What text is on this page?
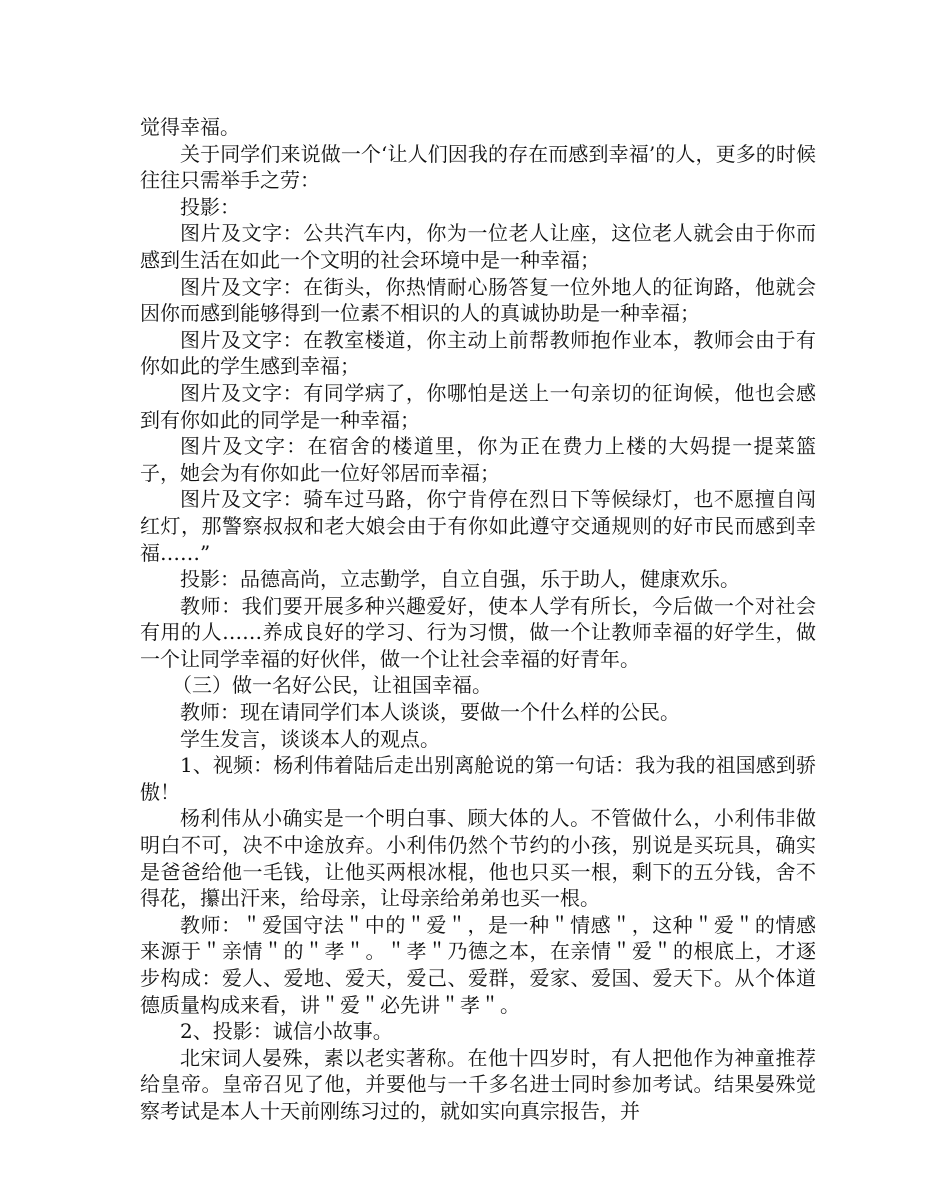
觉得幸福。

关于同学们来说做一个‘让人们因我的存在而感到幸福’的人，更多的时候往往只需举手之劳：

投影：

图片及文字：公共汽车内，你为一位老人让座，这位老人就会由于你而感到生活在如此一个文明的社会环境中是一种幸福；

图片及文字：在街头，你热情耐心肠答复一位外地人的征询路，他就会因你而感到能够得到一位素不相识的人的真诚协助是一种幸福；

图片及文字：在教室楼道，你主动上前帮教师抱作业本，教师会由于有你如此的学生感到幸福；

图片及文字：有同学病了，你哪怕是送上一句亲切的征询候，他也会感到有你如此的同学是一种幸福；

图片及文字：在宿舍的楼道里，你为正在费力上楼的大妈提一提菜篮子，她会为有你如此一位好邻居而幸福；

图片及文字：骑车过马路，你宁肯停在烈日下等候绿灯，也不愿擅自闯红灯，那警察叔叔和老大娘会由于有你如此遵守交通规则的好市民而感到幸福……”

投影：品德高尚，立志勤学，自立自强，乐于助人，健康欢乐。

教师：我们要开展多种兴趣爱好，使本人学有所长，今后做一个对社会有用的人……养成良好的学习、行为习惯，做一个让教师幸福的好学生，做一个让同学幸福的好伙伴，做一个让社会幸福的好青年。

（三）做一名好公民，让祖国幸福。

教师：现在请同学们本人谈谈，要做一个什么样的公民。

学生发言，谈谈本人的观点。

1、视频：杨利伟着陆后走出别离舱说的第一句话：我为我的祖国感到骄傲！

杨利伟从小确实是一个明白事、顾大体的人。不管做什么，小利伟非做明白不可，决不中途放弃。小利伟仍然个节约的小孩，别说是买玩具，确实是爸爸给他一毛钱，让他买两根冰棍，他也只买一根，剩下的五分钱，舍不得花，攥出汗来，给母亲，让母亲给弟弟也买一根。

教师：＂爱国守法＂中的＂爱＂，是一种＂情感＂，这种＂爱＂的情感来源于＂亲情＂的＂孝＂。＂孝＂乃德之本，在亲情＂爱＂的根底上，才逐步构成：爱人、爱地、爱天，爱己、爱群，爱家、爱国、爱天下。从个体道德质量构成来看，讲＂爱＂必先讲＂孝＂。

2、投影：诚信小故事。

北宋词人晏殊，素以老实著称。在他十四岁时，有人把他作为神童推荐给皇帝。皇帝召见了他，并要他与一千多名进士同时参加考试。结果晏殊觉察考试是本人十天前刚练习过的，就如实向真宗报告，并
